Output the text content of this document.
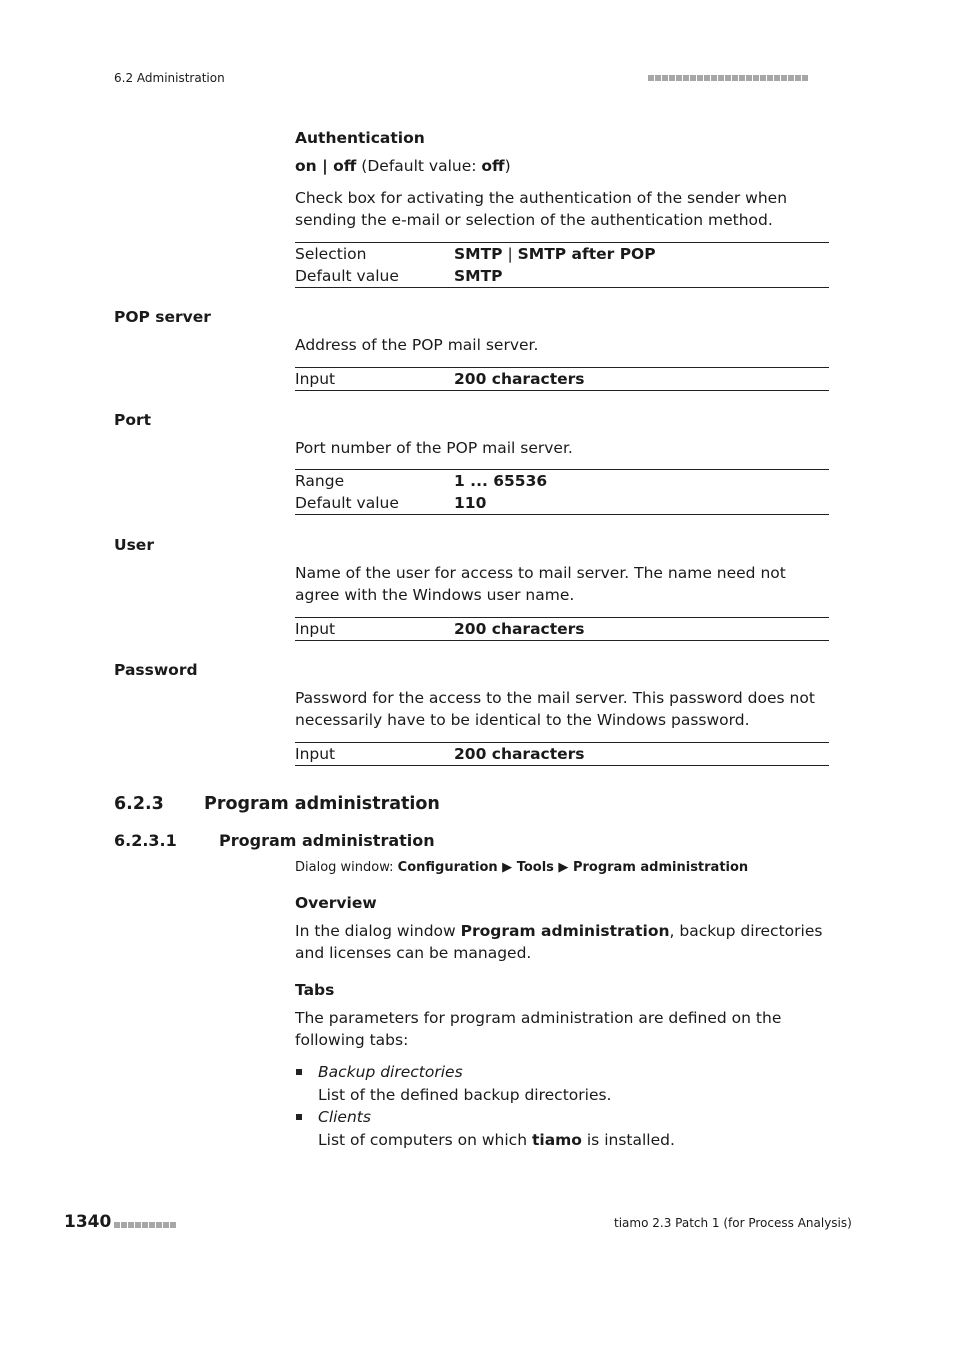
6.2 Administration
Authentication
on | off (Default value: off)
Check box for activating the authentication of the sender when sending the e-mail or selection of the authentication method.
Selection	SMTP | SMTP after POP
Default value	SMTP
POP server
Address of the POP mail server.
Input	200 characters
Port
Port number of the POP mail server.
Range	1 ... 65536
Default value	110
User
Name of the user for access to mail server. The name need not agree with the Windows user name.
Input	200 characters
Password
Password for the access to the mail server. This password does not necessarily have to be identical to the Windows password.
Input	200 characters
6.2.3 Program administration
6.2.3.1	Program administration
Dialog window: Configuration ▶ Tools ▶ Program administration
Overview
In the dialog window Program administration, backup directories and licenses can be managed.
Tabs
The parameters for program administration are defined on the following tabs:
Backup directories
List of the defined backup directories.
Clients
List of computers on which tiamo is installed.
1340	tiamo 2.3 Patch 1 (for Process Analysis)
